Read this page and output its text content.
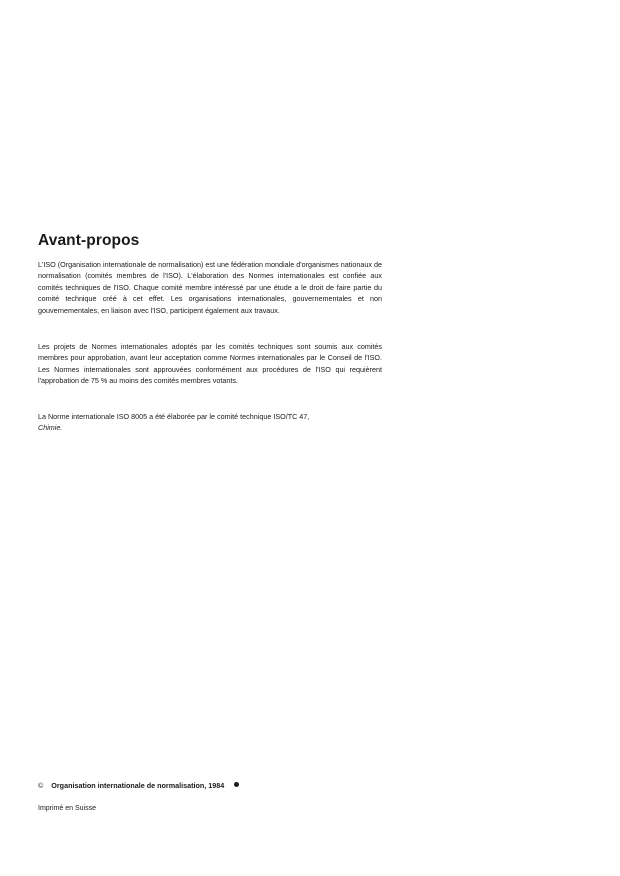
Avant-propos

L'ISO (Organisation internationale de normalisation) est une fédération mondiale d'organismes nationaux de normalisation (comités membres de l'ISO). L'élaboration des Normes internationales est confiée aux comités techniques de l'ISO. Chaque comité membre intéressé par une étude a le droit de faire partie du comité technique créé à cet effet. Les organisations internationales, gouvernementales et non gouvernementales, en liaison avec l'ISO, participent également aux travaux.

Les projets de Normes internationales adoptés par les comités techniques sont soumis aux comités membres pour approbation, avant leur acceptation comme Normes internationales par le Conseil de l'ISO. Les Normes internationales sont approuvées conformément aux procédures de l'ISO qui requièrent l'approbation de 75 % au moins des comités membres votants.

La Norme internationale ISO 8005 a été élaborée par le comité technique ISO/TC 47,
Chimie.

© Organisation internationale de normalisation, 1984
Imprimé en Suisse
